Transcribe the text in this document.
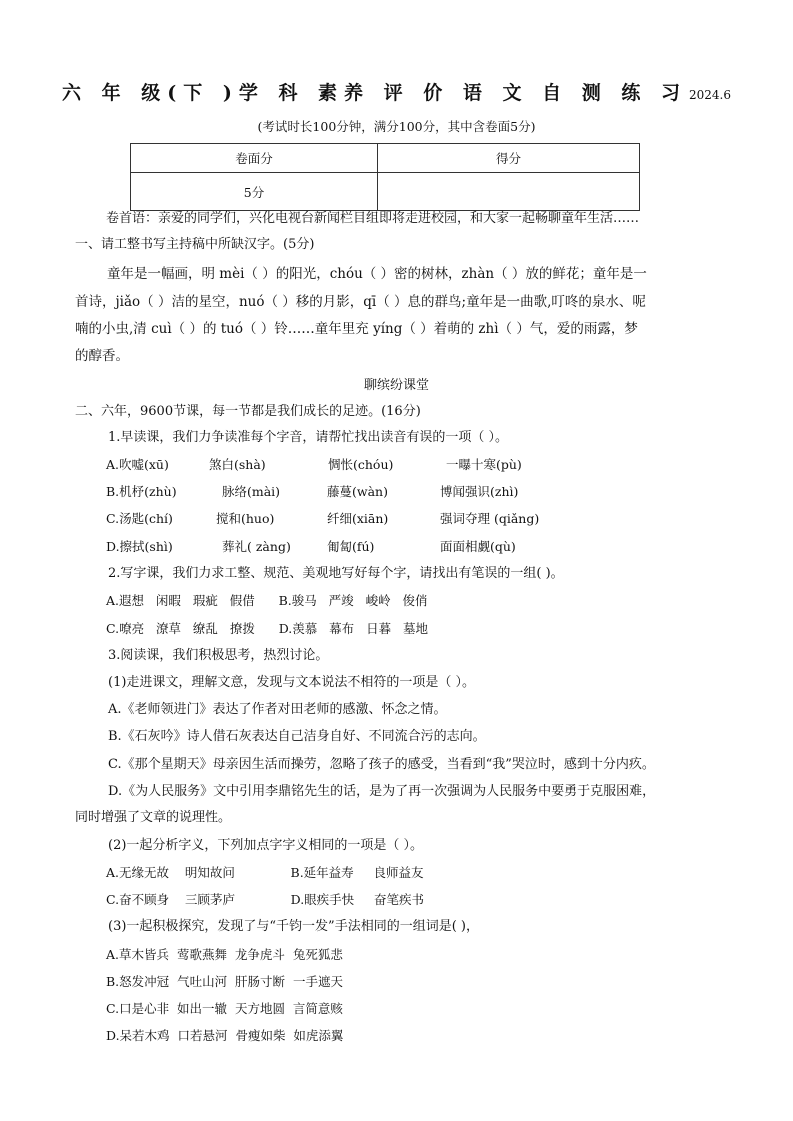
六 年 级(下 )学 科 素养 评 价 语 文 自 测 练 习 2024.6
(考试时长100分钟，满分100分，其中含卷面5分)
卷面分	得分
5分	
卷首语：亲爱的同学们，兴化电视台新闻栏目组即将走进校园，和大家一起畅聊童年生活……
一、请工整书写主持稿中所缺汉字。(5分)
童年是一幅画，明 mèi（ ）的阳光，chóu（ ）密的树林，zhàn（ ）放的鲜花；童年是一
首诗，jiǎo（ ）洁的星空，nuó（ ）移的月影，qī（ ）息的群鸟;童年是一曲歌,叮咚的泉水、呢
喃的小虫,清 cuì（ ）的 tuó（ ）铃……童年里充 yíng（ ）着萌的 zhì（ ）气，爱的雨露，梦
的醇香。
聊缤纷课堂
二、六年，9600节课，每一节都是我们成长的足迹。(16分)
1.早读课，我们力争读准每个字音，请帮忙找出读音有误的一项（ ）。
A.吹嘘(xū)	煞白(shà)	惆怅(chóu)	一曝十寒(pù)
B.机杼(zhù)	脉络(mài)	藤蔓(wàn)	博闻强识(zhì)
C.汤匙(chí)	搅和(huo)	纤细(xiān)	强词夺理 (qiǎng)
D.擦拭(shì)	葬礼( zàng)	匍匐(fú)	面面相觑(qù)
2.写字课，我们力求工整、规范、美观地写好每个字，请找出有笔误的一组( )。
A.遐想   闲暇   瑕疵   假借      B.骏马   严竣   峻岭   俊俏
C.嘹亮   潦草   缭乱   撩拨      D.羡慕   幕布   日暮   墓地
3.阅读课，我们积极思考，热烈讨论。
(1)走进课文，理解文意，发现与文本说法不相符的一项是（ ）。
A.《老师领进门》表达了作者对田老师的感激、怀念之情。
B.《石灰吟》诗人借石灰表达自己洁身自好、不同流合污的志向。
C.《那个星期天》母亲因生活而操劳，忽略了孩子的感受，当看到“我”哭泣时，感到十分内疚。
D.《为人民服务》文中引用李鼎铭先生的话，是为了再一次强调为人民服务中要勇于克服困难，
同时增强了文章的说理性。
(2)一起分析字义，下列加点字字义相同的一项是（ ）。
A.无缘无故    明知故问              B.延年益寿     良师益友
C.奋不顾身    三顾茅庐              D.眼疾手快     奋笔疾书
(3)一起积极探究，发现了与“千钧一发”手法相同的一组词是( )，
A.草木皆兵  莺歌燕舞  龙争虎斗  兔死狐悲
B.怒发冲冠  气吐山河  肝肠寸断  一手遮天
C.口是心非  如出一辙  天方地圆  言简意赅
D.呆若木鸡  口若悬河  骨瘦如柴  如虎添翼
